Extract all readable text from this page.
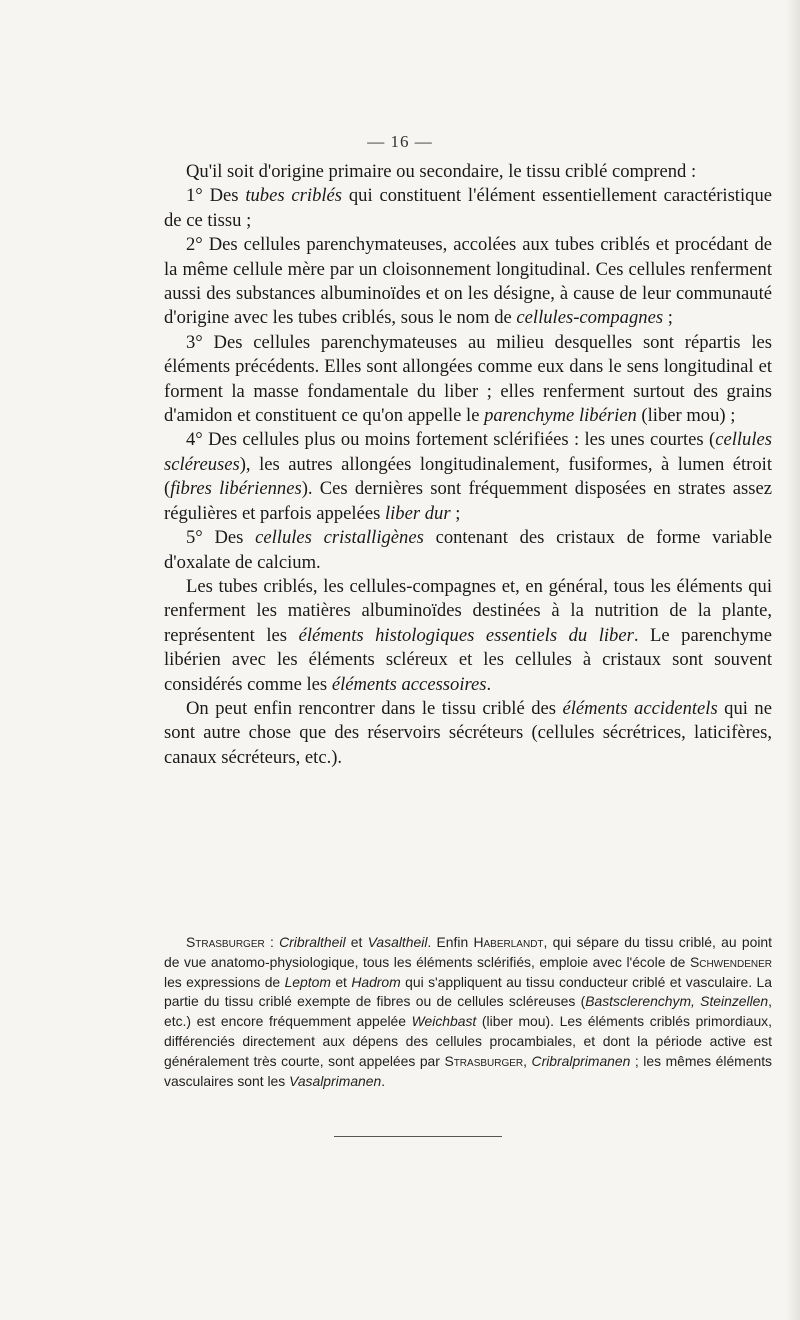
— 16 —

Qu'il soit d'origine primaire ou secondaire, le tissu criblé comprend :

1° Des tubes criblés qui constituent l'élément essentiellement caractéristique de ce tissu ;

2° Des cellules parenchymateuses, accolées aux tubes criblés et procédant de la même cellule mère par un cloisonnement longitudinal. Ces cellules renferment aussi des substances albuminoïdes et on les désigne, à cause de leur communauté d'origine avec les tubes criblés, sous le nom de cellules-compagnes ;

3° Des cellules parenchymateuses au milieu desquelles sont répartis les éléments précédents. Elles sont allongées comme eux dans le sens longitudinal et forment la masse fondamentale du liber ; elles renferment surtout des grains d'amidon et constituent ce qu'on appelle le parenchyme libérien (liber mou) ;

4° Des cellules plus ou moins fortement sclérifiées : les unes courtes (cellules scléreuses), les autres allongées longitudinalement, fusiformes, à lumen étroit (fibres libériennes). Ces dernières sont fréquemment disposées en strates assez régulières et parfois appelées liber dur ;

5° Des cellules cristalligènes contenant des cristaux de forme variable d'oxalate de calcium.

Les tubes criblés, les cellules-compagnes et, en général, tous les éléments qui renferment les matières albuminoïdes destinées à la nutrition de la plante, représentent les éléments histologiques essentiels du liber. Le parenchyme libérien avec les éléments scléreux et les cellules à cristaux sont souvent considérés comme les éléments accessoires.

On peut enfin rencontrer dans le tissu criblé des éléments accidentels qui ne sont autre chose que des réservoirs sécréteurs (cellules sécrétrices, laticifères, canaux sécréteurs, etc.).

Strasburger : Cribraltheil et Vasaltheil. Enfin Haberlandt, qui sépare du tissu criblé, au point de vue anatomo-physiologique, tous les éléments sclérifiés, emploie avec l'école de Schwendener les expressions de Leptom et Hadrom qui s'appliquent au tissu conducteur criblé et vasculaire. La partie du tissu criblé exempte de fibres ou de cellules scléreuses (Bastsclerenchym, Steinzellen, etc.) est encore fréquemment appelée Weichbast (liber mou). Les éléments criblés primordiaux, différenciés directement aux dépens des cellules procambiales, et dont la période active est généralement très courte, sont appelées par Strasburger, Cribralprimanen ; les mêmes éléments vasculaires sont les Vasalprimanen.
